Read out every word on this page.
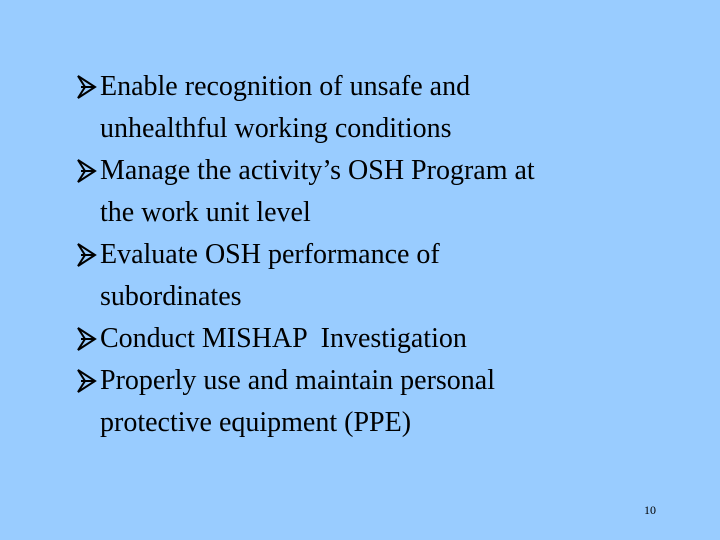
Enable recognition of unsafe and
unhealthful working conditions
Manage the activity’s OSH Program at
the work unit level
Evaluate OSH performance of
subordinates
Conduct MISHAP  Investigation
Properly use and maintain personal
protective equipment (PPE)
10
